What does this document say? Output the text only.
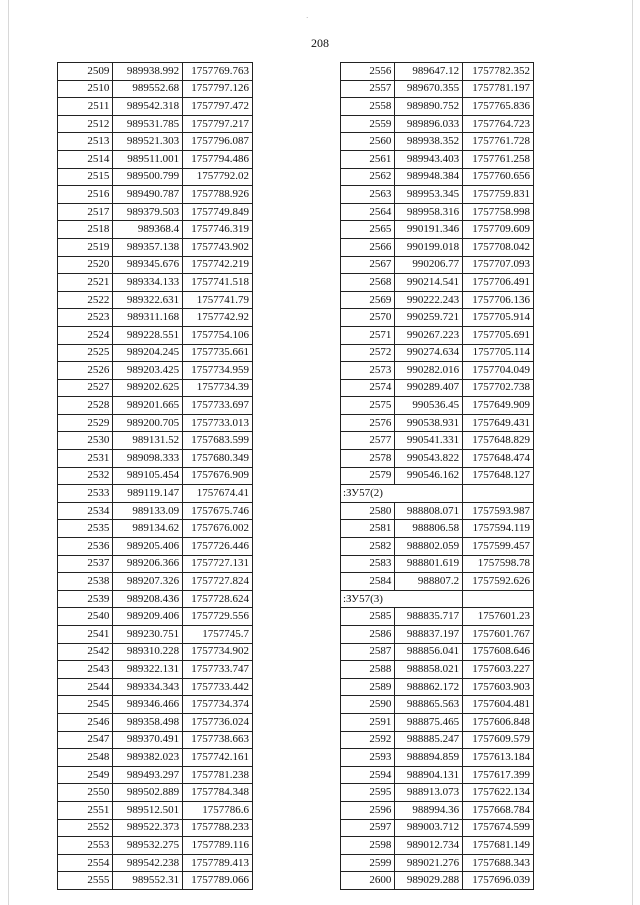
·
208
2509	989938.992	1757769.763
2510	989552.68	1757797.126
2511	989542.318	1757797.472
2512	989531.785	1757797.217
2513	989521.303	1757796.087
2514	989511.001	1757794.486
2515	989500.799	1757792.02
2516	989490.787	1757788.926
2517	989379.503	1757749.849
2518	989368.4	1757746.319
2519	989357.138	1757743.902
2520	989345.676	1757742.219
2521	989334.133	1757741.518
2522	989322.631	1757741.79
2523	989311.168	1757742.92
2524	989228.551	1757754.106
2525	989204.245	1757735.661
2526	989203.425	1757734.959
2527	989202.625	1757734.39
2528	989201.665	1757733.697
2529	989200.705	1757733.013
2530	989131.52	1757683.599
2531	989098.333	1757680.349
2532	989105.454	1757676.909
2533	989119.147	1757674.41
2534	989133.09	1757675.746
2535	989134.62	1757676.002
2536	989205.406	1757726.446
2537	989206.366	1757727.131
2538	989207.326	1757727.824
2539	989208.436	1757728.624
2540	989209.406	1757729.556
2541	989230.751	1757745.7
2542	989310.228	1757734.902
2543	989322.131	1757733.747
2544	989334.343	1757733.442
2545	989346.466	1757734.374
2546	989358.498	1757736.024
2547	989370.491	1757738.663
2548	989382.023	1757742.161
2549	989493.297	1757781.238
2550	989502.889	1757784.348
2551	989512.501	1757786.6
2552	989522.373	1757788.233
2553	989532.275	1757789.116
2554	989542.238	1757789.413
2555	989552.31	1757789.066
2556	989647.12	1757782.352
2557	989670.355	1757781.197
2558	989890.752	1757765.836
2559	989896.033	1757764.723
2560	989938.352	1757761.728
2561	989943.403	1757761.258
2562	989948.384	1757760.656
2563	989953.345	1757759.831
2564	989958.316	1757758.998
2565	990191.346	1757709.609
2566	990199.018	1757708.042
2567	990206.77	1757707.093
2568	990214.541	1757706.491
2569	990222.243	1757706.136
2570	990259.721	1757705.914
2571	990267.223	1757705.691
2572	990274.634	1757705.114
2573	990282.016	1757704.049
2574	990289.407	1757702.738
2575	990536.45	1757649.909
2576	990538.931	1757649.431
2577	990541.331	1757648.829
2578	990543.822	1757648.474
2579	990546.162	1757648.127
:ЗУ57(2)		
2580	988808.071	1757593.987
2581	988806.58	1757594.119
2582	988802.059	1757599.457
2583	988801.619	1757598.78
2584	988807.2	1757592.626
:ЗУ57(3)		
2585	988835.717	1757601.23
2586	988837.197	1757601.767
2587	988856.041	1757608.646
2588	988858.021	1757603.227
2589	988862.172	1757603.903
2590	988865.563	1757604.481
2591	988875.465	1757606.848
2592	988885.247	1757609.579
2593	988894.859	1757613.184
2594	988904.131	1757617.399
2595	988913.073	1757622.134
2596	988994.36	1757668.784
2597	989003.712	1757674.599
2598	989012.734	1757681.149
2599	989021.276	1757688.343
2600	989029.288	1757696.039
